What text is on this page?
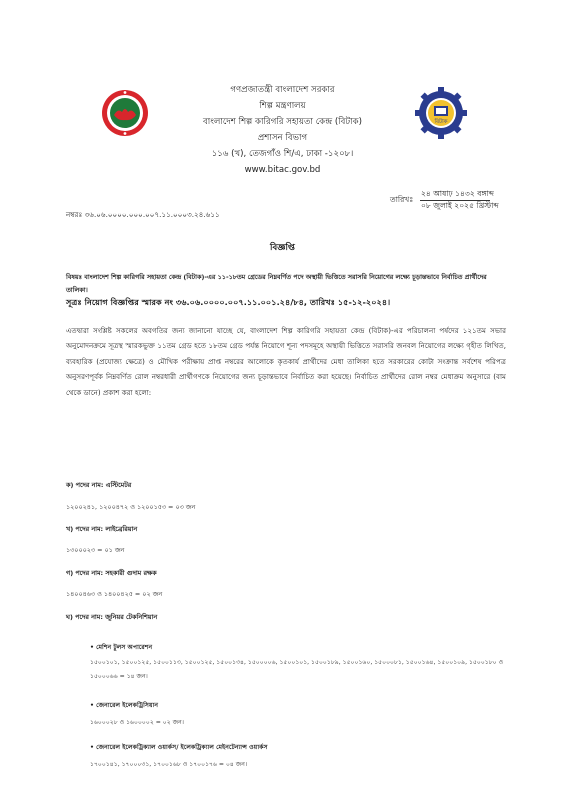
গণপ্রজাতন্ত্রী বাংলাদেশ সরকার
শিল্প মন্ত্রণালয়
বাংলাদেশ শিল্প কারিগরি সহায়তা কেন্দ্র (বিটাক)
প্রশাসন বিভাগ
১১৬ (খ), তেজগাঁও শি/এ, ঢাকা -১২০৮।
www.bitac.gov.bd
বিটাক
তারিখঃ
২৪ আষাঢ় ১৪৩২ বঙ্গাব্দ
০৮ জুলাই ২০২৫ খ্রিস্টাব্দ
নম্বরঃ ৩৬.০৬.০০০০.০০০.০০৭.১১.০০০৩.২৪.৬১১
বিজ্ঞপ্তি
বিষয়ঃ বাংলাদেশ শিল্প কারিগরি সহায়তা কেন্দ্র (বিটাক)-এর ১১-১৮তম গ্রেডের নিম্নবর্ণিত পদে অস্থায়ী ভিত্তিতে সরাসরি নিয়োগের লক্ষ্যে চূড়ান্তভাবে নির্বাচিত প্রার্থীদের তালিকা।
সূত্রঃ নিয়োগ বিজ্ঞপ্তির স্মারক নং ৩৬.০৬.০০০০.০০৭.১১.০০১.২৪/৮৪, তারিখঃ ১৫-১২-২০২৪।
এতদ্বারা সংশ্লিষ্ট সকলের অবগতির জন্য জানানো যাচ্ছে যে, বাংলাদেশ শিল্প কারিগরি সহায়তা কেন্দ্র (বিটাক)-এর পরিচালনা পর্ষদের ১২১তম সভার অনুমোদনক্রমে সূত্রস্থ স্মারকভুক্ত ১১তম গ্রেড হতে ১৮তম গ্রেড পর্যন্ত নিয়োগে শূন্য পদসমূহে অস্থায়ী ভিত্তিতে সরাসরি জনবল নিয়োগের লক্ষ্যে গৃহীত লিখিত, ব্যবহারিক (প্রযোজ্য ক্ষেত্রে) ও মৌখিক পরীক্ষায় প্রাপ্ত নম্বরের আলোকে কৃতকার্য প্রার্থীদের মেধা তালিকা হতে সরকারের কোটা সংক্রান্ত সর্বশেষ পরিপত্র অনুসরণপূর্বক নিম্নবর্ণিত রোল নম্বরধারী প্রার্থীগণকে নিয়োগের জন্য চূড়ান্তভাবে নির্বাচিত করা হয়েছে। নির্বাচিত প্রার্থীদের রোল নম্বর মেধাক্রম অনুসারে (বাম থেকে ডানে) প্রকাশ করা হলো:
ক) পদের নাম: এস্টিমেটর
১২০০২৪১, ১২০০৪৭২ ও ১২০০১৫৩ = ০৩ জন
খ) পদের নাম: লাইব্রেরিয়ান
১৩০০০২৩ = ০১ জন
গ) পদের নাম: সহকারী গুদাম রক্ষক
১৪০০৪৬৩ ও ১৪০০৪২৫ = ০২ জন
ঘ) পদের নাম: জুনিয়র টেকনিশিয়ান
• মেশিন টুলস অপারেশন
১৫০০১০১, ১৫০০১২৫, ১৫০০১১৩, ১৫০০১২৫, ১৫০০১৩৪, ১৫০০০০৬, ১৫০০১০১, ১৫০০১৮৯, ১৫০০১৬০, ১৫০০০৮১, ১৫০০১৬৪, ১৫০০১০৯, ১৫০০১৮০ ও ১৫০০০৬৬ = ১৪ জন।
• জেনারেল ইলেকট্রিসিয়ান
১৬০০০২৮ ও ১৬০০০০২ = ০২ জন।
• জেনারেল ইলেকট্রিক্যাল ওয়ার্কস/ ইলেকট্রিক্যাল মেইনটেন্যান্স ওয়ার্কস
১৭০০১৪১, ১৭০০০৩১, ১৭০০১৬৮ ও ১৭০০১৭৬ = ০৪ জন।
